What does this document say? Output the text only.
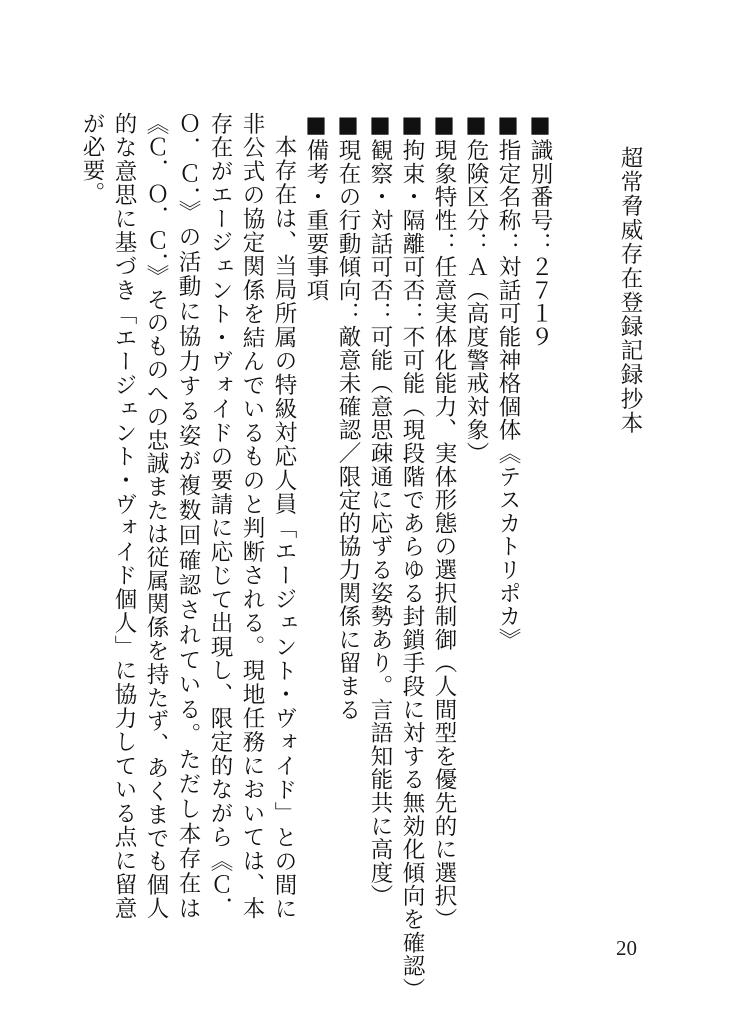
超常脅威存在登録記録抄本
■識別番号：２７１９
■指定名称：対話可能神格個体《テスカトリポカ》
■危険区分：Ａ（高度警戒対象）
■現象特性：任意実体化能力、実体形態の選択制御（人間型を優先的に選択）
■拘束・隔離可否：不可能（現段階であらゆる封鎖手段に対する無効化傾向を確認）
■観察・対話可否：可能（意思疎通に応ずる姿勢あり。言語知能共に高度）
■現在の行動傾向：敵意未確認／限定的協力関係に留まる
■備考・重要事項
本存在は、当局所属の特級対応人員「エージェント・ヴォイド」との間に非公式の協定関係を結んでいるものと判断される。現地任務においては、本存在がエージェント・ヴォイドの要請に応じて出現し、限定的ながら《Ｃ．Ｏ．Ｃ．》の活動に協力する姿が複数回確認されている。ただし本存在は《Ｃ．Ｏ．Ｃ．》そのものへの忠誠または従属関係を持たず、あくまでも個人的な意思に基づき「エージェント・ヴォイド個人」に協力している点に留意が必要。
20
